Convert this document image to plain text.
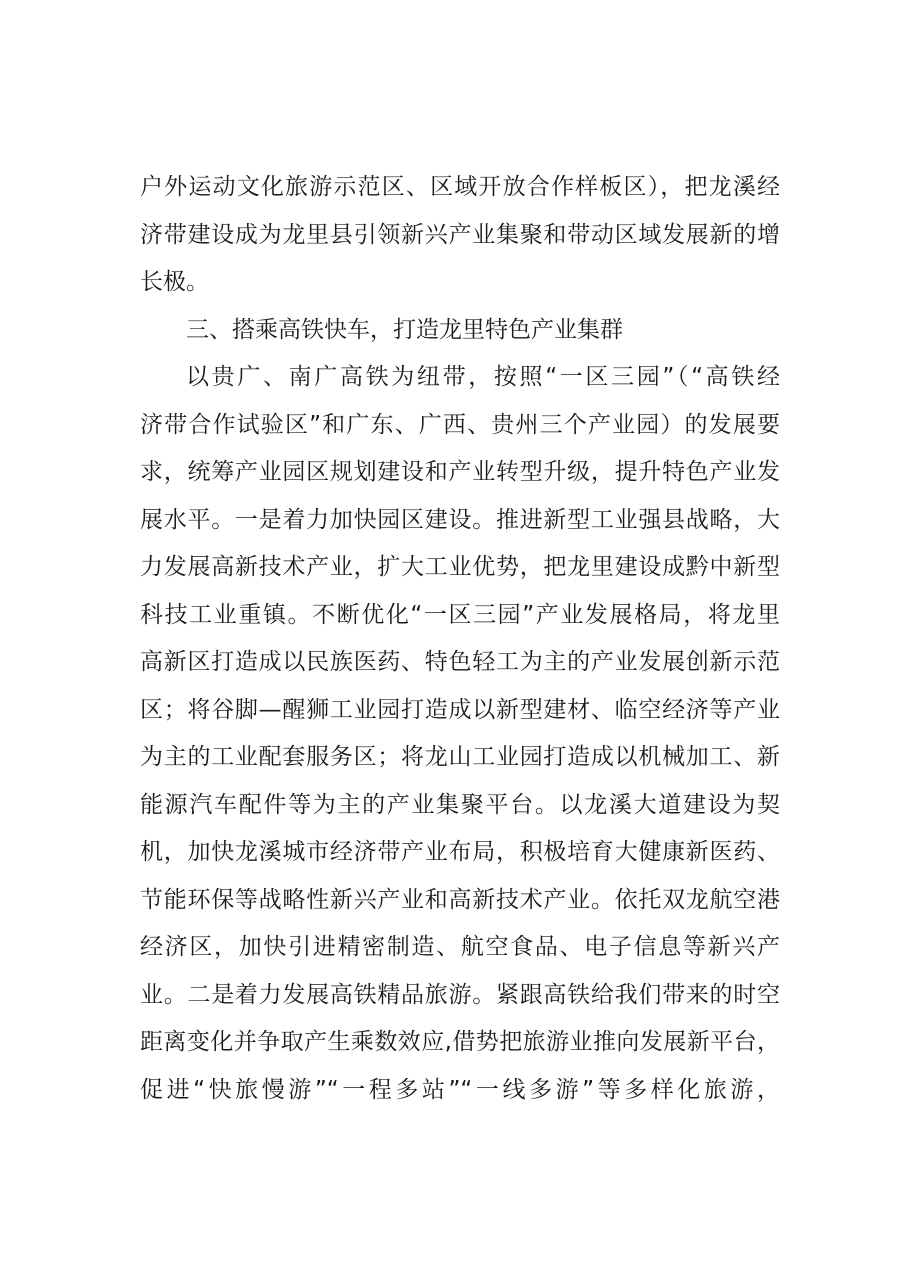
户外运动文化旅游示范区、区域开放合作样板区），把龙溪经
济带建设成为龙里县引领新兴产业集聚和带动区域发展新的增
长极。
三、搭乘高铁快车，打造龙里特色产业集群
以贵广、南广高铁为纽带，按照“一区三园”（“高铁经
济带合作试验区”和广东、广西、贵州三个产业园）的发展要
求，统筹产业园区规划建设和产业转型升级，提升特色产业发
展水平。一是着力加快园区建设。推进新型工业强县战略，大
力发展高新技术产业，扩大工业优势，把龙里建设成黔中新型
科技工业重镇。不断优化“一区三园”产业发展格局，将龙里
高新区打造成以民族医药、特色轻工为主的产业发展创新示范
区；将谷脚—醒狮工业园打造成以新型建材、临空经济等产业
为主的工业配套服务区；将龙山工业园打造成以机械加工、新
能源汽车配件等为主的产业集聚平台。以龙溪大道建设为契
机，加快龙溪城市经济带产业布局，积极培育大健康新医药、
节能环保等战略性新兴产业和高新技术产业。依托双龙航空港
经济区，加快引进精密制造、航空食品、电子信息等新兴产
业。二是着力发展高铁精品旅游。紧跟高铁给我们带来的时空
距离变化并争取产生乘数效应,借势把旅游业推向发展新平台，
促进“快旅慢游”“一程多站”“一线多游”等多样化旅游，
